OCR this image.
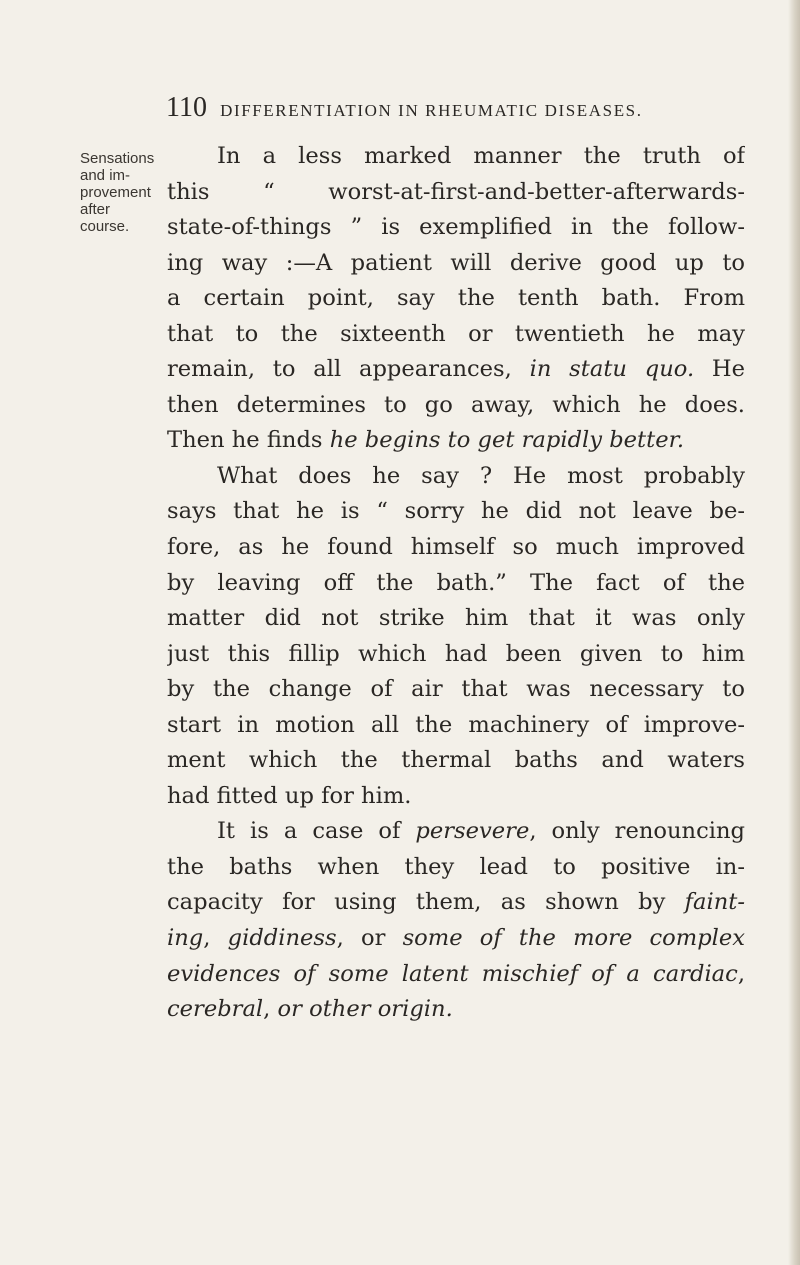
110 DIFFERENTIATION IN RHEUMATIC DISEASES.
Sensations
and im-
provement
after
course.
In a less marked manner the truth of
this “ worst-at-first-and-better-afterwards-
state-of-things ” is exemplified in the follow-
ing way :—A patient will derive good up to
a certain point, say the tenth bath. From
that to the sixteenth or twentieth he may
remain, to all appearances, in statu quo. He
then determines to go away, which he does.
Then he finds he begins to get rapidly better.
What does he say ? He most probably
says that he is “ sorry he did not leave be-
fore, as he found himself so much improved
by leaving off the bath.” The fact of the
matter did not strike him that it was only
just this fillip which had been given to him
by the change of air that was necessary to
start in motion all the machinery of improve-
ment which the thermal baths and waters
had fitted up for him.
It is a case of persevere, only renouncing
the baths when they lead to positive in-
capacity for using them, as shown by faint-
ing, giddiness, or some of the more complex
evidences of some latent mischief of a cardiac,
cerebral, or other origin.
